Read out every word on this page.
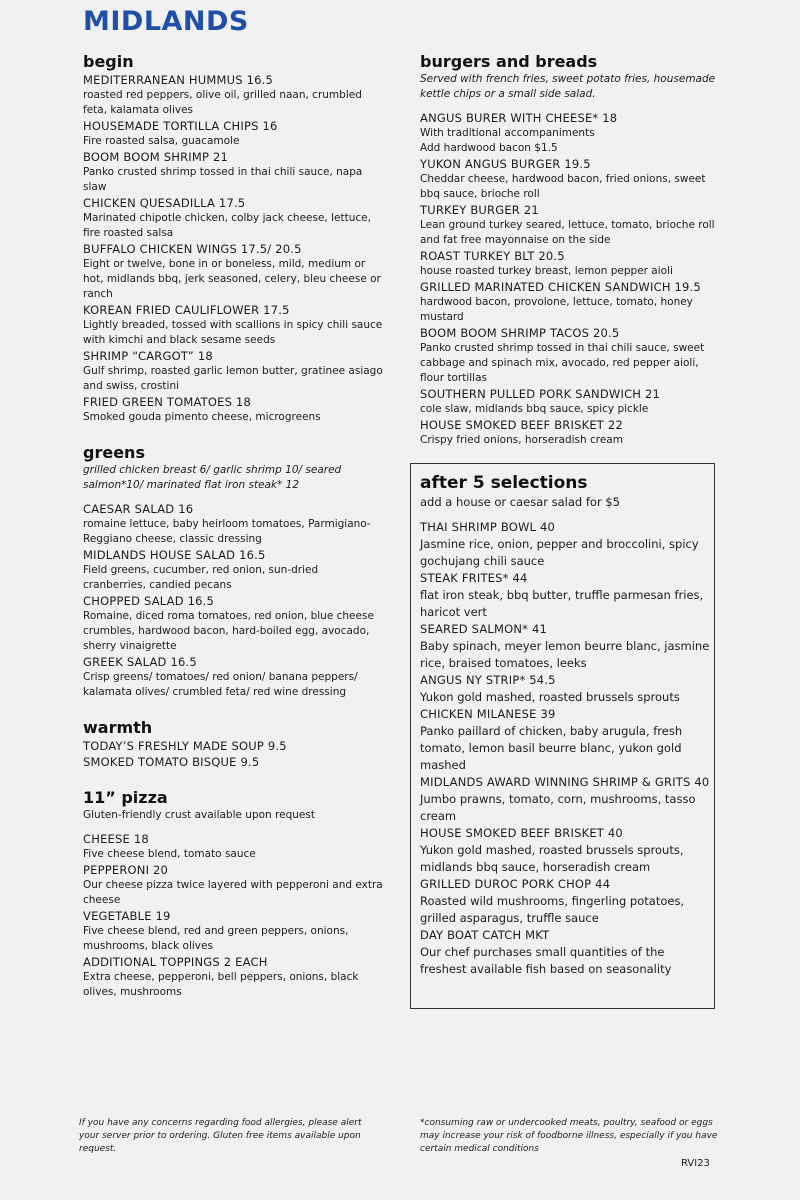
MIDLANDS

begin

MEDITERRANEAN HUMMUS 16.5

roasted red peppers, olive oil, grilled naan, crumbled feta, kalamata olives

HOUSEMADE TORTILLA CHIPS 16

Fire roasted salsa, guacamole

BOOM BOOM SHRIMP 21

Panko crusted shrimp tossed in thai chili sauce, napa slaw

CHICKEN QUESADILLA 17.5

Marinated chipotle chicken, colby jack cheese, lettuce, fire roasted salsa

BUFFALO CHICKEN WINGS 17.5/ 20.5

Eight or twelve, bone in or boneless, mild, medium or hot, midlands bbq, jerk seasoned, celery, bleu cheese or ranch

KOREAN FRIED CAULIFLOWER 17.5

Lightly breaded, tossed with scallions in spicy chili sauce with kimchi and black sesame seeds

SHRIMP “CARGOT” 18

Gulf shrimp, roasted garlic lemon butter, gratinee asiago and swiss, crostini

FRIED GREEN TOMATOES 18

Smoked gouda pimento cheese, microgreens

greens

grilled chicken breast 6/ garlic shrimp 10/ seared salmon*10/ marinated flat iron steak* 12

CAESAR SALAD 16

romaine lettuce, baby heirloom tomatoes, Parmigiano-Reggiano cheese, classic dressing

MIDLANDS HOUSE SALAD 16.5

Field greens, cucumber, red onion, sun-dried cranberries, candied pecans

CHOPPED SALAD 16.5

Romaine, diced roma tomatoes, red onion, blue cheese crumbles, hardwood bacon, hard-boiled egg, avocado, sherry vinaigrette

GREEK SALAD 16.5

Crisp greens/ tomatoes/ red onion/ banana peppers/ kalamata olives/ crumbled feta/ red wine dressing

warmth

TODAY’S FRESHLY MADE SOUP 9.5

SMOKED TOMATO BISQUE 9.5

11” pizza

Gluten-friendly crust available upon request

CHEESE 18

Five cheese blend, tomato sauce

PEPPERONI 20

Our cheese pizza twice layered with pepperoni and extra cheese

VEGETABLE 19

Five cheese blend, red and green peppers, onions, mushrooms, black olives

ADDITIONAL TOPPINGS 2 EACH

Extra cheese, pepperoni, bell peppers, onions, black olives, mushrooms

burgers and breads

Served with french fries, sweet potato fries, housemade kettle chips or a small side salad.

ANGUS BURER WITH CHEESE* 18

With traditional accompaniments
Add hardwood bacon $1.5

YUKON ANGUS BURGER 19.5

Cheddar cheese, hardwood bacon, fried onions, sweet bbq sauce, brioche roll

TURKEY BURGER 21

Lean ground turkey seared, lettuce, tomato, brioche roll and fat free mayonnaise on the side

ROAST TURKEY BLT 20.5

house roasted turkey breast, lemon pepper aioli

GRILLED MARINATED CHICKEN SANDWICH 19.5

hardwood bacon, provolone, lettuce, tomato, honey mustard

BOOM BOOM SHRIMP TACOS 20.5

Panko crusted shrimp tossed in thai chili sauce, sweet cabbage and spinach mix, avocado, red pepper aioli, flour tortillas

SOUTHERN PULLED PORK SANDWICH 21

cole slaw, midlands bbq sauce, spicy pickle

HOUSE SMOKED BEEF BRISKET 22

Crispy fried onions, horseradish cream

after 5 selections

add a house or caesar salad for $5

THAI SHRIMP BOWL 40

Jasmine rice, onion, pepper and broccolini, spicy gochujang chili sauce

STEAK FRITES* 44

flat iron steak, bbq butter, truffle parmesan fries, haricot vert

SEARED SALMON* 41

Baby spinach, meyer lemon beurre blanc, jasmine rice, braised tomatoes, leeks

ANGUS NY STRIP* 54.5

Yukon gold mashed, roasted brussels sprouts

CHICKEN MILANESE 39

Panko paillard of chicken, baby arugula, fresh tomato, lemon basil beurre blanc, yukon gold mashed

MIDLANDS AWARD WINNING SHRIMP & GRITS 40

Jumbo prawns, tomato, corn, mushrooms, tasso cream

HOUSE SMOKED BEEF BRISKET 40

Yukon gold mashed, roasted brussels sprouts, midlands bbq sauce, horseradish cream

GRILLED DUROC PORK CHOP 44

Roasted wild mushrooms, fingerling potatoes, grilled asparagus, truffle sauce

DAY BOAT CATCH MKT

Our chef purchases small quantities of the freshest available fish based on seasonality

If you have any concerns regarding food allergies, please alert your server prior to ordering. Gluten free items available upon request.
*consuming raw or undercooked meats, poultry, seafood or eggs may increase your risk of foodborne illness, especially if you have certain medical conditions
RVI23
